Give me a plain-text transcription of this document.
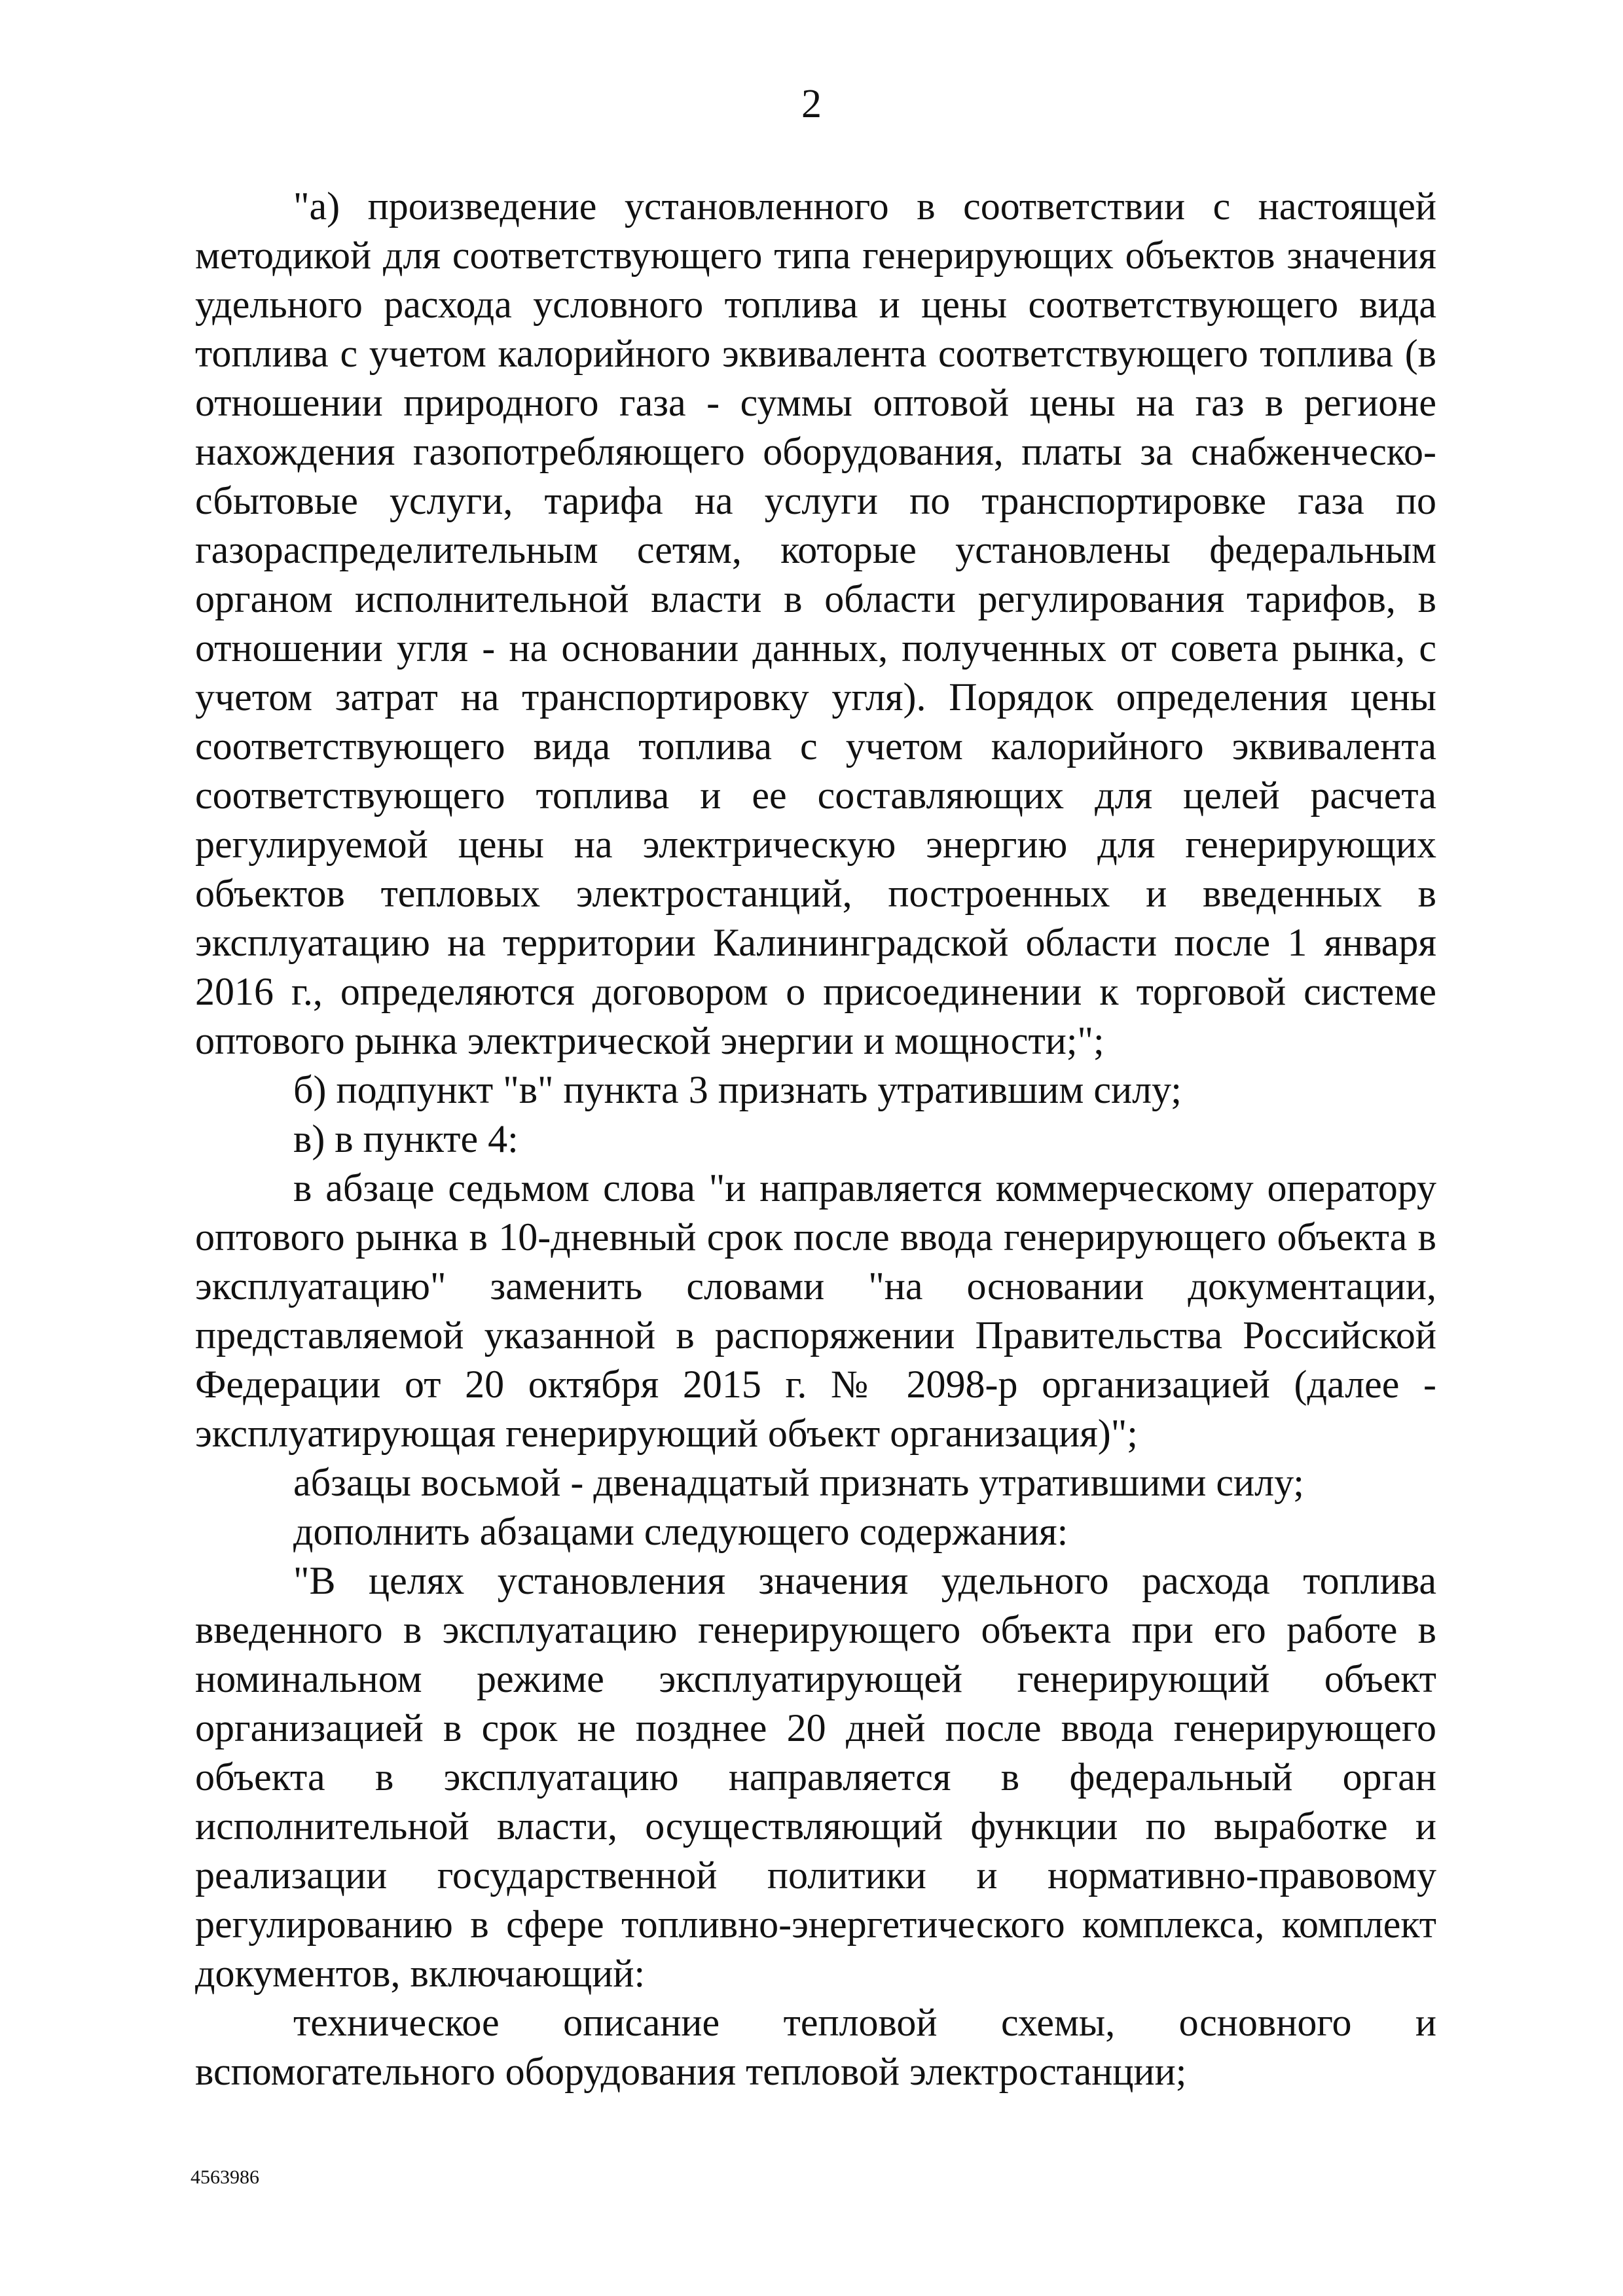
2

"а) произведение установленного в соответствии с настоящей методикой для соответствующего типа генерирующих объектов значения удельного расхода условного топлива и цены соответствующего вида топлива с учетом калорийного эквивалента соответствующего топлива (в отношении природного газа - суммы оптовой цены на газ в регионе нахождения газопотребляющего оборудования, платы за снабженческо-сбытовые услуги, тарифа на услуги по транспортировке газа по газораспределительным сетям, которые установлены федеральным органом исполнительной власти в области регулирования тарифов, в отношении угля - на основании данных, полученных от совета рынка, с учетом затрат на транспортировку угля). Порядок определения цены соответствующего вида топлива с учетом калорийного эквивалента соответствующего топлива и ее составляющих для целей расчета регулируемой цены на электрическую энергию для генерирующих объектов тепловых электростанций, построенных и введенных в эксплуатацию на территории Калининградской области после 1 января 2016 г., определяются договором о присоединении к торговой системе оптового рынка электрической энергии и мощности;";

б) подпункт "в" пункта 3 признать утратившим силу;

в) в пункте 4:

в абзаце седьмом слова "и направляется коммерческому оператору оптового рынка в 10-дневный срок после ввода генерирующего объекта в эксплуатацию" заменить словами "на основании документации, представляемой указанной в распоряжении Правительства Российской Федерации от 20 октября 2015 г. № 2098-р организацией (далее - эксплуатирующая генерирующий объект организация)";

абзацы восьмой - двенадцатый признать утратившими силу;

дополнить абзацами следующего содержания:

"В целях установления значения удельного расхода топлива введенного в эксплуатацию генерирующего объекта при его работе в номинальном режиме эксплуатирующей генерирующий объект организацией в срок не позднее 20 дней после ввода генерирующего объекта в эксплуатацию направляется в федеральный орган исполнительной власти, осуществляющий функции по выработке и реализации государственной политики и нормативно-правовому регулированию в сфере топливно-энергетического комплекса, комплект документов, включающий:

техническое описание тепловой схемы, основного и вспомогательного оборудования тепловой электростанции;

4563986
